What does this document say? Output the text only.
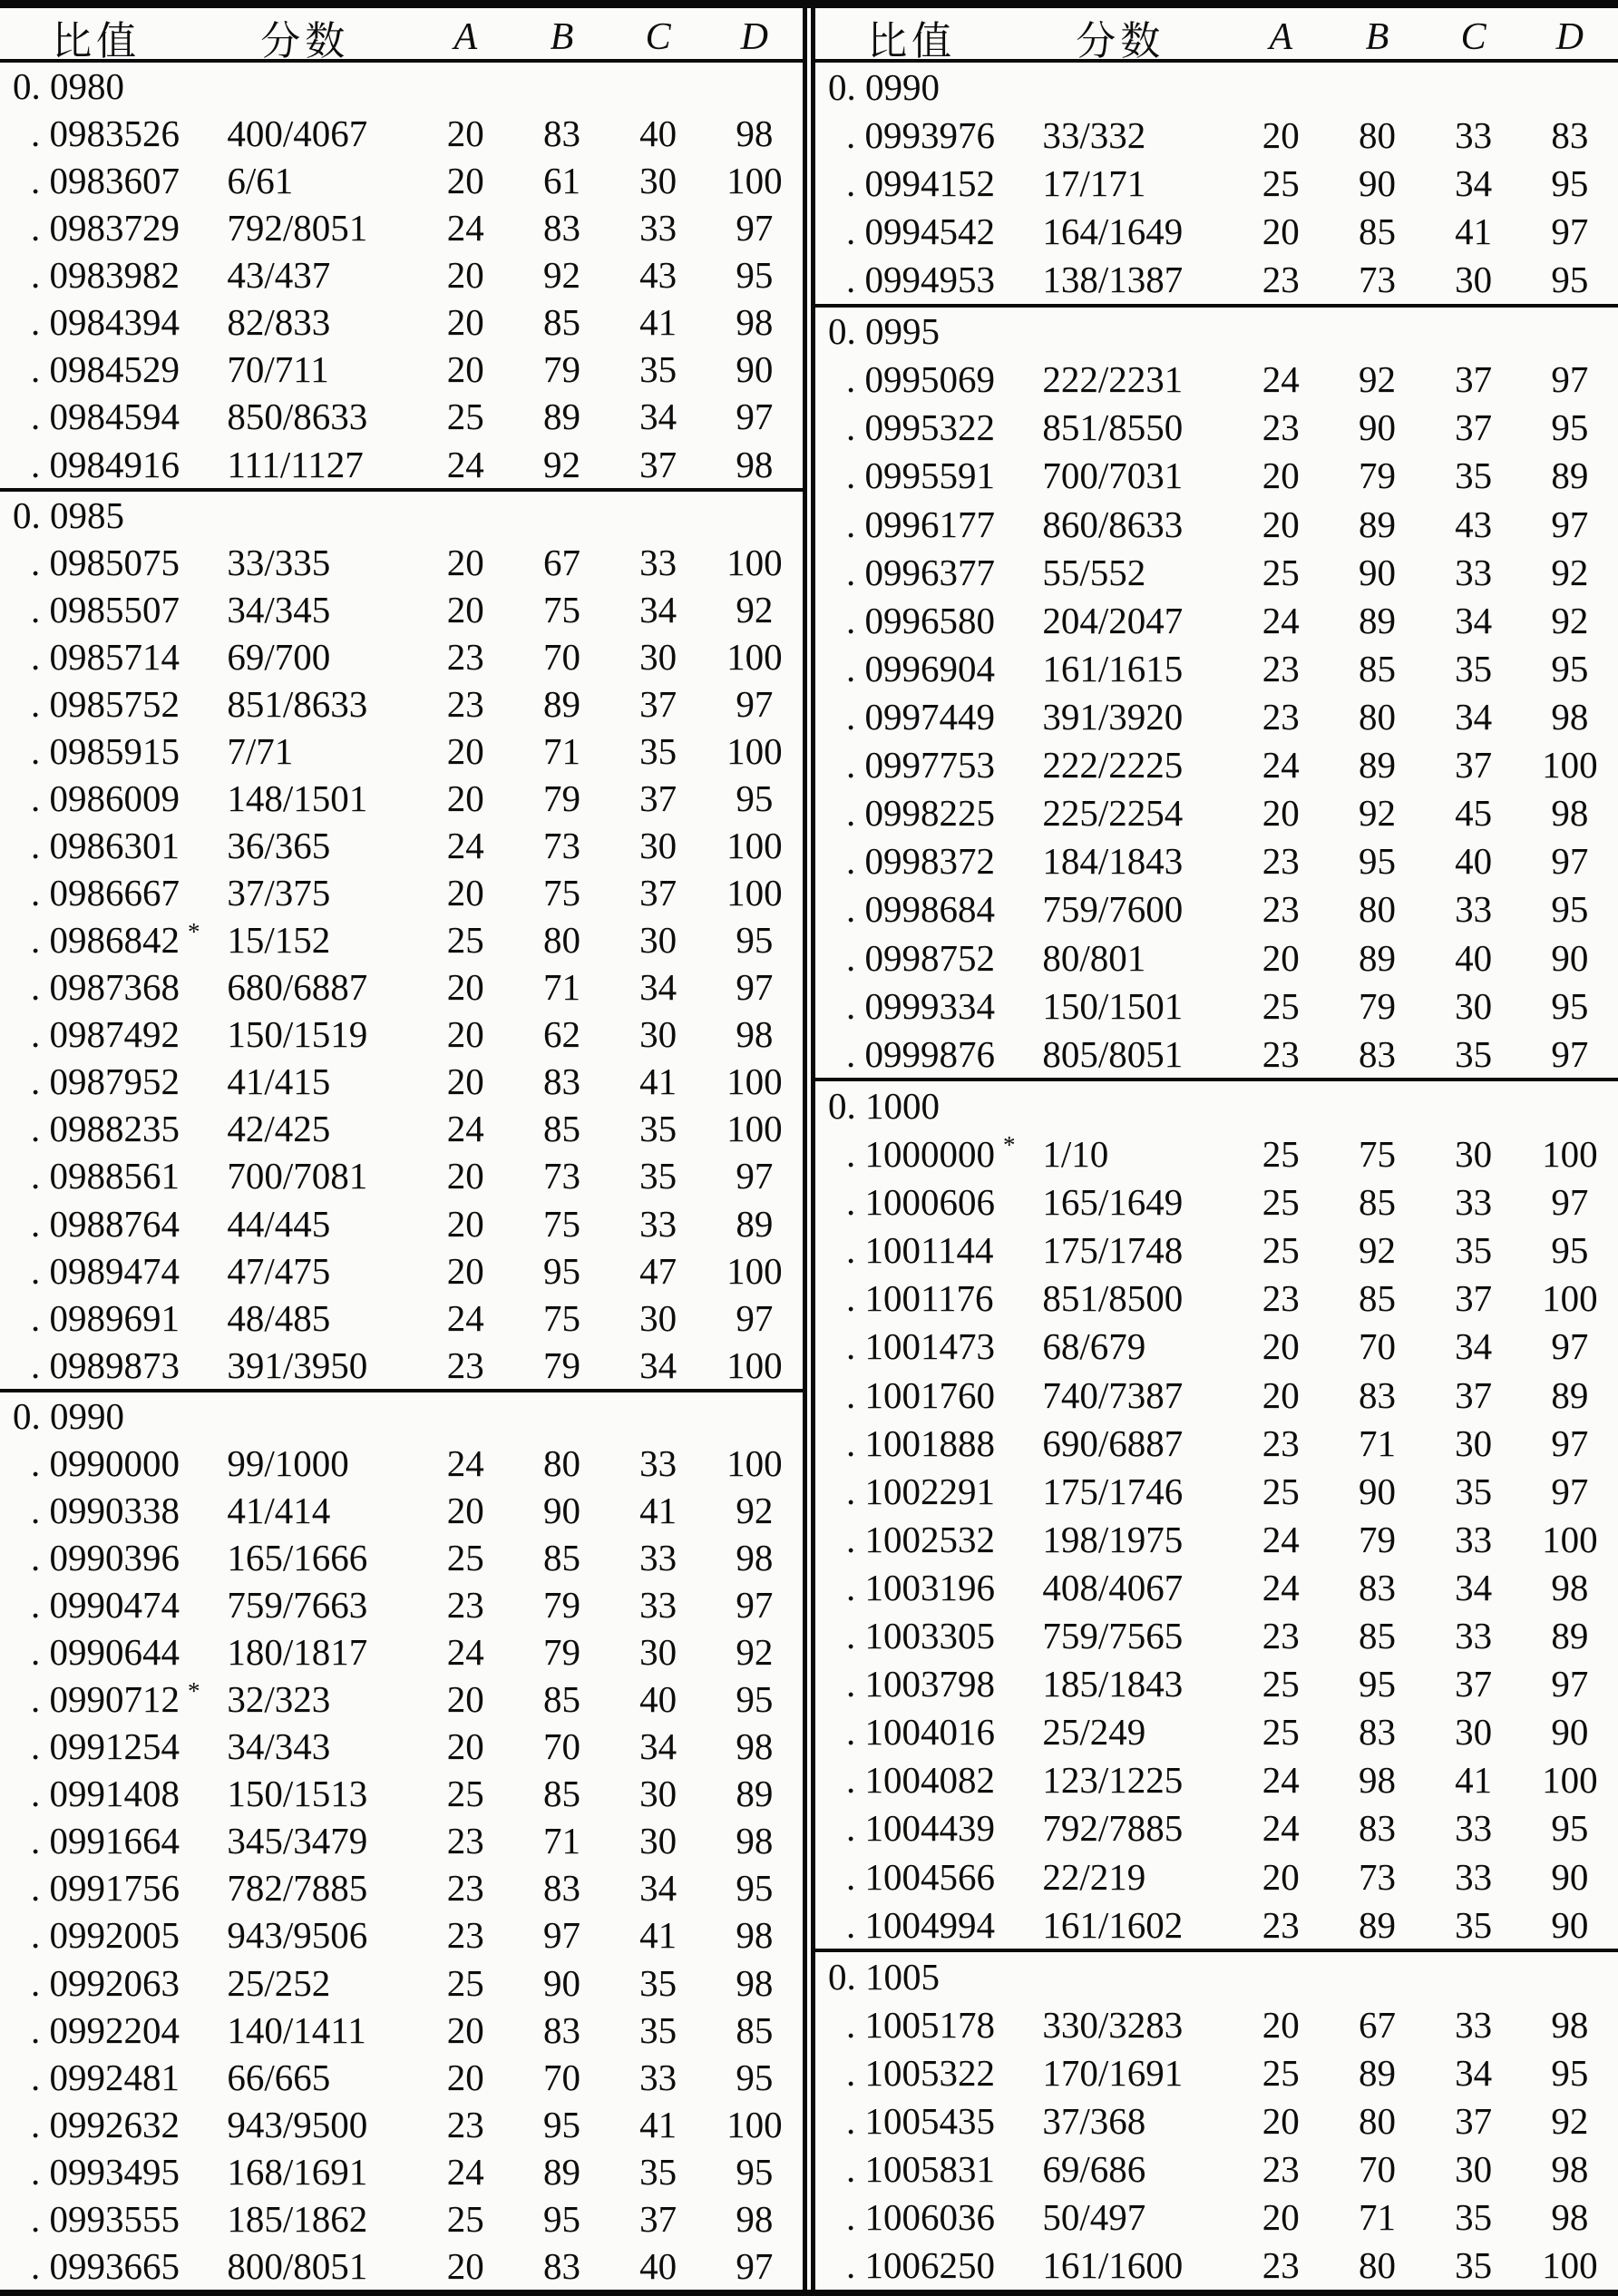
比值	分数	A	B	C	D
0. 0980
. 0983526	400/4067	20	83	40	98
. 0983607	6/61	20	61	30	100
. 0983729	792/8051	24	83	33	97
. 0983982	43/437	20	92	43	95
. 0984394	82/833	20	85	41	98
. 0984529	70/711	20	79	35	90
. 0984594	850/8633	25	89	34	97
. 0984916	111/1127	24	92	37	98
0. 0985
. 0985075	33/335	20	67	33	100
. 0985507	34/345	20	75	34	92
. 0985714	69/700	23	70	30	100
. 0985752	851/8633	23	89	37	97
. 0985915	7/71	20	71	35	100
. 0986009	148/1501	20	79	37	95
. 0986301	36/365	24	73	30	100
. 0986667	37/375	20	75	37	100
. 0986842 * 15/152	25	80	30	95
. 0987368	680/6887	20	71	34	97
. 0987492	150/1519	20	62	30	98
. 0987952	41/415	20	83	41	100
. 0988235	42/425	24	85	35	100
. 0988561	700/7081	20	73	35	97
. 0988764	44/445	20	75	33	89
. 0989474	47/475	20	95	47	100
. 0989691	48/485	24	75	30	97
. 0989873	391/3950	23	79	34	100
0. 0990
. 0990000	99/1000	24	80	33	100
. 0990338	41/414	20	90	41	92
. 0990396	165/1666	25	85	33	98
. 0990474	759/7663	23	79	33	97
. 0990644	180/1817	24	79	30	92
. 0990712 * 32/323	20	85	40	95
. 0991254	34/343	20	70	34	98
. 0991408	150/1513	25	85	30	89
. 0991664	345/3479	23	71	30	98
. 0991756	782/7885	23	83	34	95
. 0992005	943/9506	23	97	41	98
. 0992063	25/252	25	90	35	98
. 0992204	140/1411	20	83	35	85
. 0992481	66/665	20	70	33	95
. 0992632	943/9500	23	95	41	100
. 0993495	168/1691	24	89	35	95
. 0993555	185/1862	25	95	37	98
. 0993665	800/8051	20	83	40	97
比值	分数	A	B	C	D
0. 0990
. 0993976	33/332	20	80	33	83
. 0994152	17/171	25	90	34	95
. 0994542	164/1649	20	85	41	97
. 0994953	138/1387	23	73	30	95
0. 0995
. 0995069	222/2231	24	92	37	97
. 0995322	851/8550	23	90	37	95
. 0995591	700/7031	20	79	35	89
. 0996177	860/8633	20	89	43	97
. 0996377	55/552	25	90	33	92
. 0996580	204/2047	24	89	34	92
. 0996904	161/1615	23	85	35	95
. 0997449	391/3920	23	80	34	98
. 0997753	222/2225	24	89	37	100
. 0998225	225/2254	20	92	45	98
. 0998372	184/1843	23	95	40	97
. 0998684	759/7600	23	80	33	95
. 0998752	80/801	20	89	40	90
. 0999334	150/1501	25	79	30	95
. 0999876	805/8051	23	83	35	97
0. 1000
. 1000000 * 1/10	25	75	30	100
. 1000606	165/1649	25	85	33	97
. 1001144	175/1748	25	92	35	95
. 1001176	851/8500	23	85	37	100
. 1001473	68/679	20	70	34	97
. 1001760	740/7387	20	83	37	89
. 1001888	690/6887	23	71	30	97
. 1002291	175/1746	25	90	35	97
. 1002532	198/1975	24	79	33	100
. 1003196	408/4067	24	83	34	98
. 1003305	759/7565	23	85	33	89
. 1003798	185/1843	25	95	37	97
. 1004016	25/249	25	83	30	90
. 1004082	123/1225	24	98	41	100
. 1004439	792/7885	24	83	33	95
. 1004566	22/219	20	73	33	90
. 1004994	161/1602	23	89	35	90
0. 1005
. 1005178	330/3283	20	67	33	98
. 1005322	170/1691	25	89	34	95
. 1005435	37/368	20	80	37	92
. 1005831	69/686	23	70	30	98
. 1006036	50/497	20	71	35	98
. 1006250	161/1600	23	80	35	100
